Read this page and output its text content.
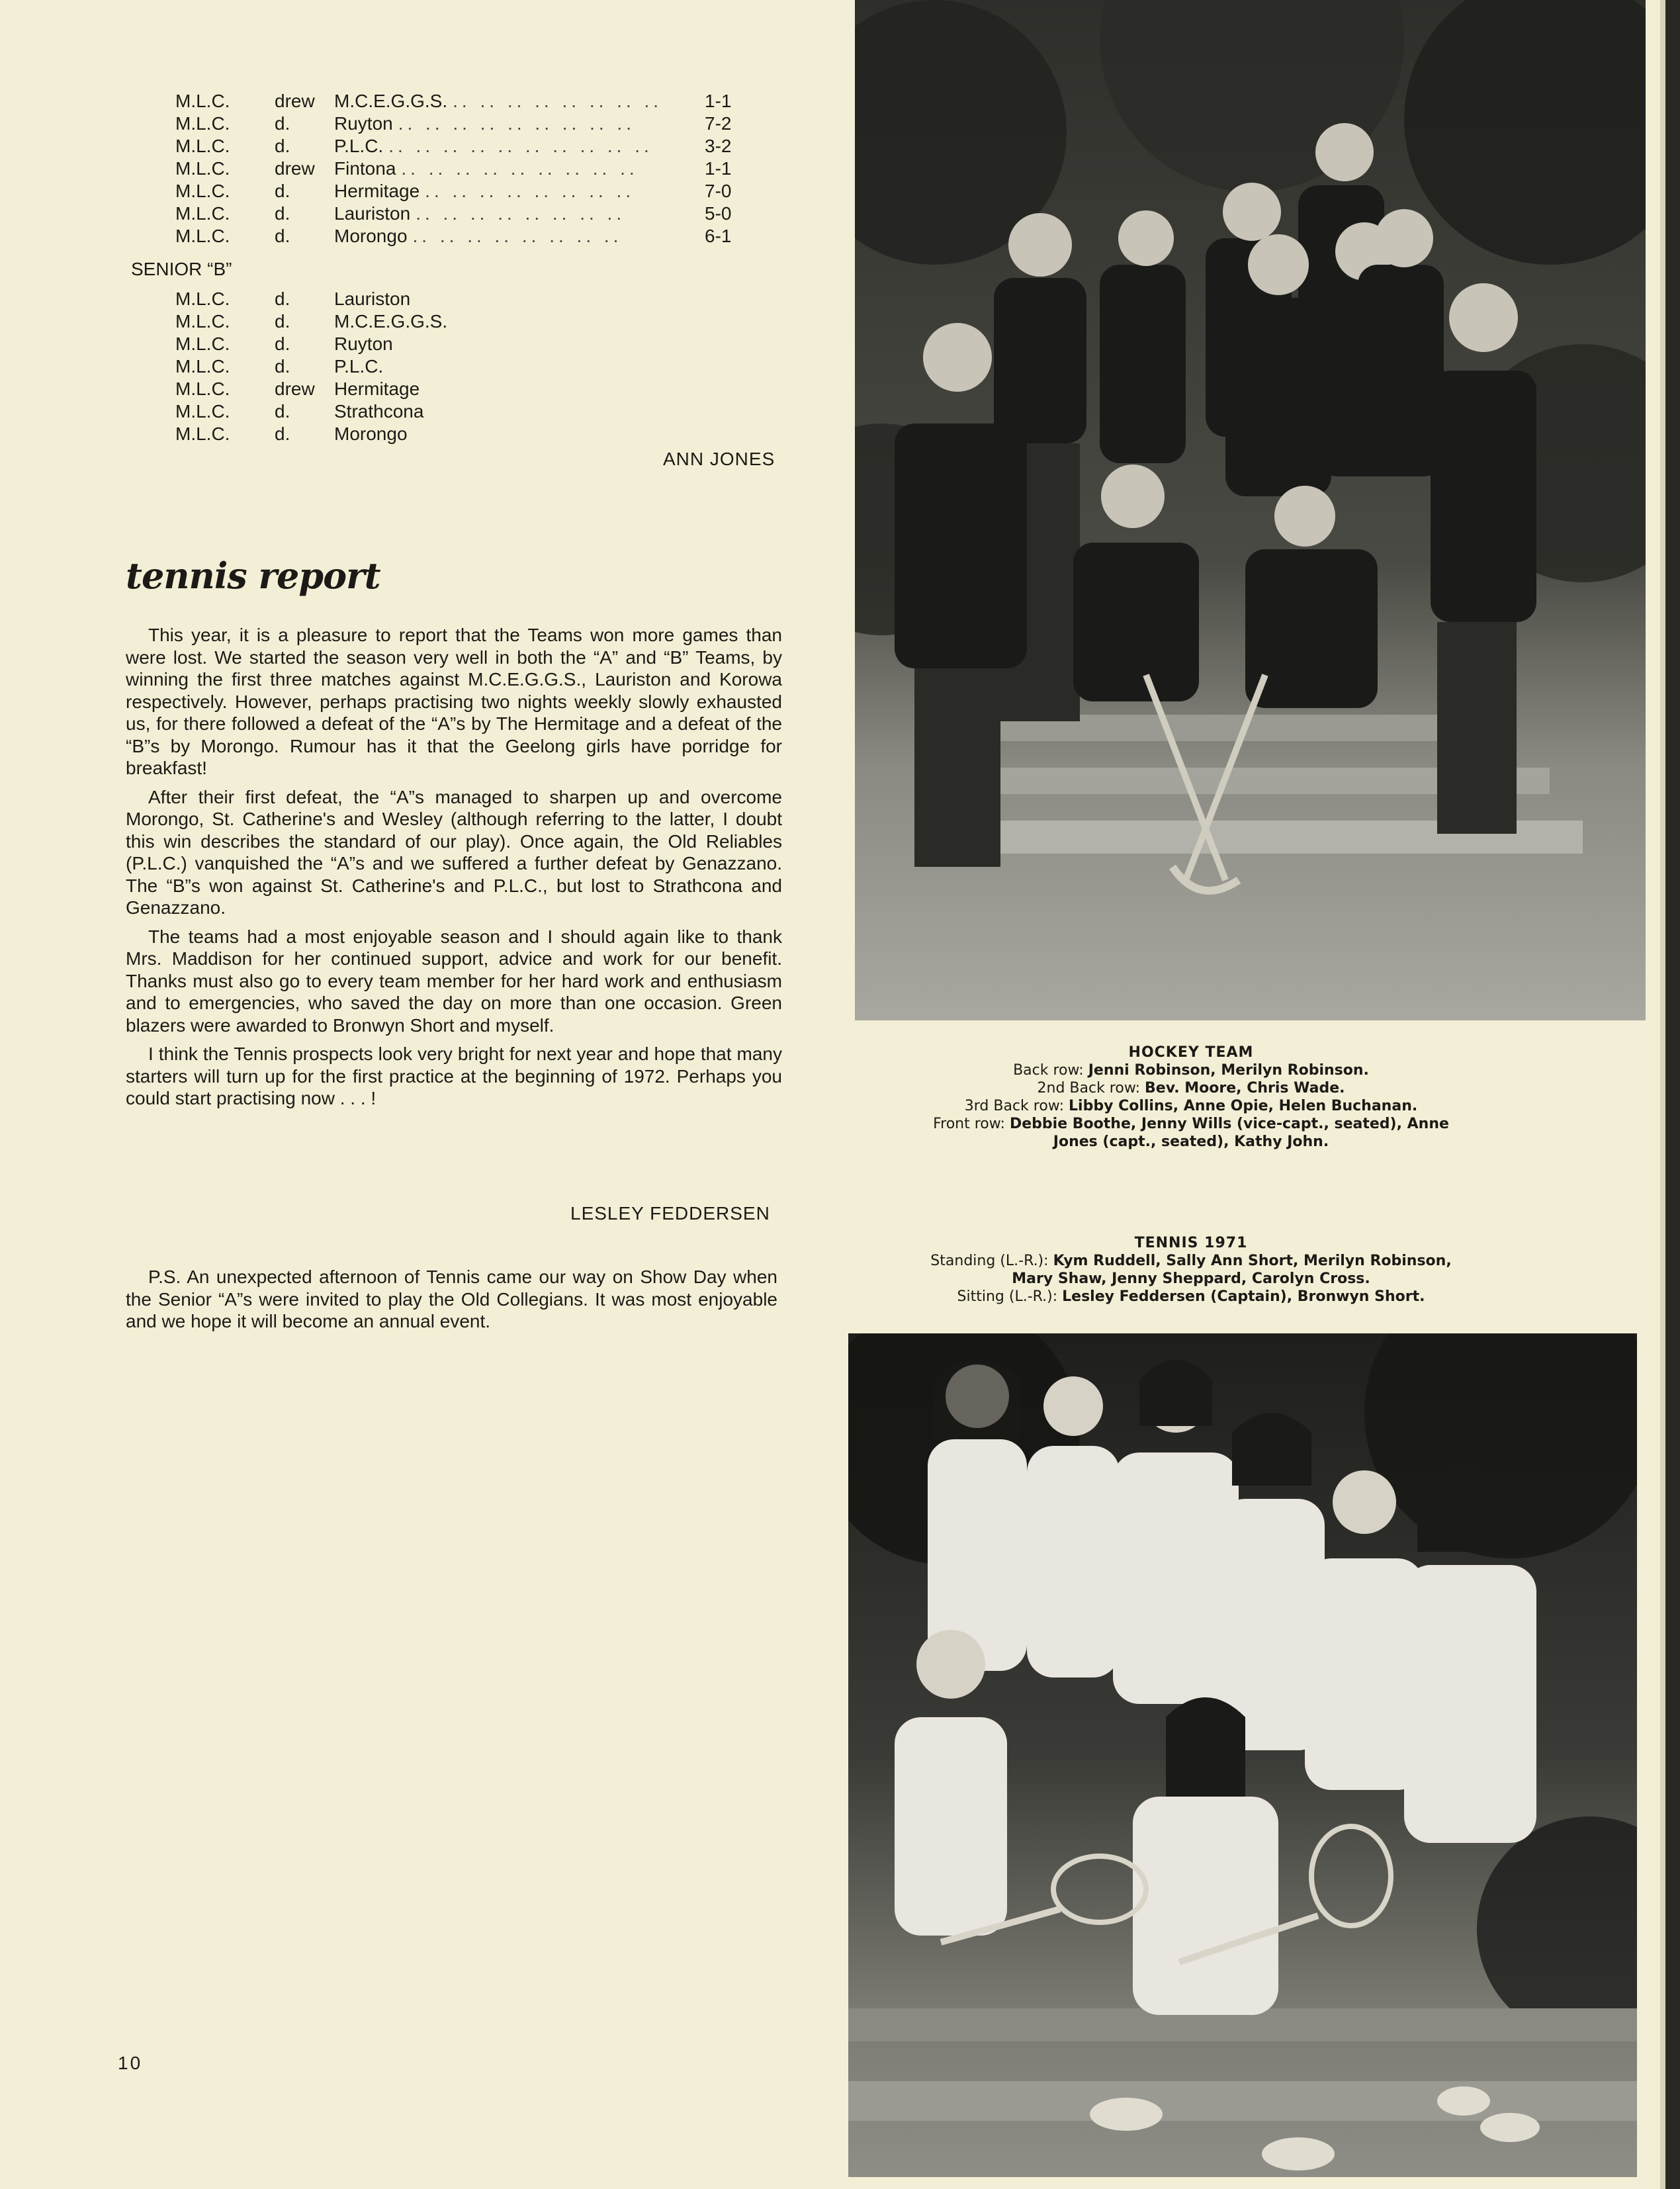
M.L.C.	drew	M.C.E.G.G.S. .. .. .. .. .. .. .. ..	1-1
M.L.C.	d.	Ruyton .. .. .. .. .. .. .. .. ..	7-2
M.L.C.	d.	P.L.C. .. .. .. .. .. .. .. .. .. ..	3-2
M.L.C.	drew	Fintona .. .. .. .. .. .. .. .. ..	1-1
M.L.C.	d.	Hermitage .. .. .. .. .. .. .. ..	7-0
M.L.C.	d.	Lauriston .. .. .. .. .. .. .. ..	5-0
M.L.C.	d.	Morongo .. .. .. .. .. .. .. ..	6-1
SENIOR “B”
M.L.C.	d.	Lauriston
M.L.C.	d.	M.C.E.G.G.S.
M.L.C.	d.	Ruyton
M.L.C.	d.	P.L.C.
M.L.C.	drew	Hermitage
M.L.C.	d.	Strathcona
M.L.C.	d.	Morongo
ANN JONES
tennis report

This year, it is a pleasure to report that the Teams won more games than were lost. We started the season very well in both the “A” and “B” Teams, by winning the first three matches against M.C.E.G.G.S., Lauriston and Korowa respectively. However, perhaps practising two nights weekly slowly exhausted us, for there followed a defeat of the “A”s by The Hermitage and a defeat of the “B”s by Morongo. Rumour has it that the Geelong girls have porridge for breakfast!

After their first defeat, the “A”s managed to sharpen up and overcome Morongo, St. Catherine's and Wesley (although referring to the latter, I doubt this win describes the standard of our play). Once again, the Old Reliables (P.L.C.) vanquished the “A”s and we suffered a further defeat by Genazzano. The “B”s won against St. Catherine's and P.L.C., but lost to Strathcona and Genazzano.

The teams had a most enjoyable season and I should again like to thank Mrs. Maddison for her continued support, advice and work for our benefit. Thanks must also go to every team member for her hard work and enthusiasm and to emergencies, who saved the day on more than one occasion. Green blazers were awarded to Bronwyn Short and myself.

I think the Tennis prospects look very bright for next year and hope that many starters will turn up for the first practice at the beginning of 1972. Perhaps you could start practising now . . . !

LESLEY FEDDERSEN

P.S. An unexpected afternoon of Tennis came our way on Show Day when the Senior “A”s were invited to play the Old Collegians. It was most enjoyable and we hope it will become an annual event.

10
HOCKEY TEAM
Back row: Jenni Robinson, Merilyn Robinson.
2nd Back row: Bev. Moore, Chris Wade.
3rd Back row: Libby Collins, Anne Opie, Helen Buchanan.
Front row: Debbie Boothe, Jenny Wills (vice-capt., seated), Anne
Jones (capt., seated), Kathy John.
TENNIS 1971
Standing (L.-R.): Kym Ruddell, Sally Ann Short, Merilyn Robinson,
Mary Shaw, Jenny Sheppard, Carolyn Cross.
Sitting (L.-R.): Lesley Feddersen (Captain), Bronwyn Short.
